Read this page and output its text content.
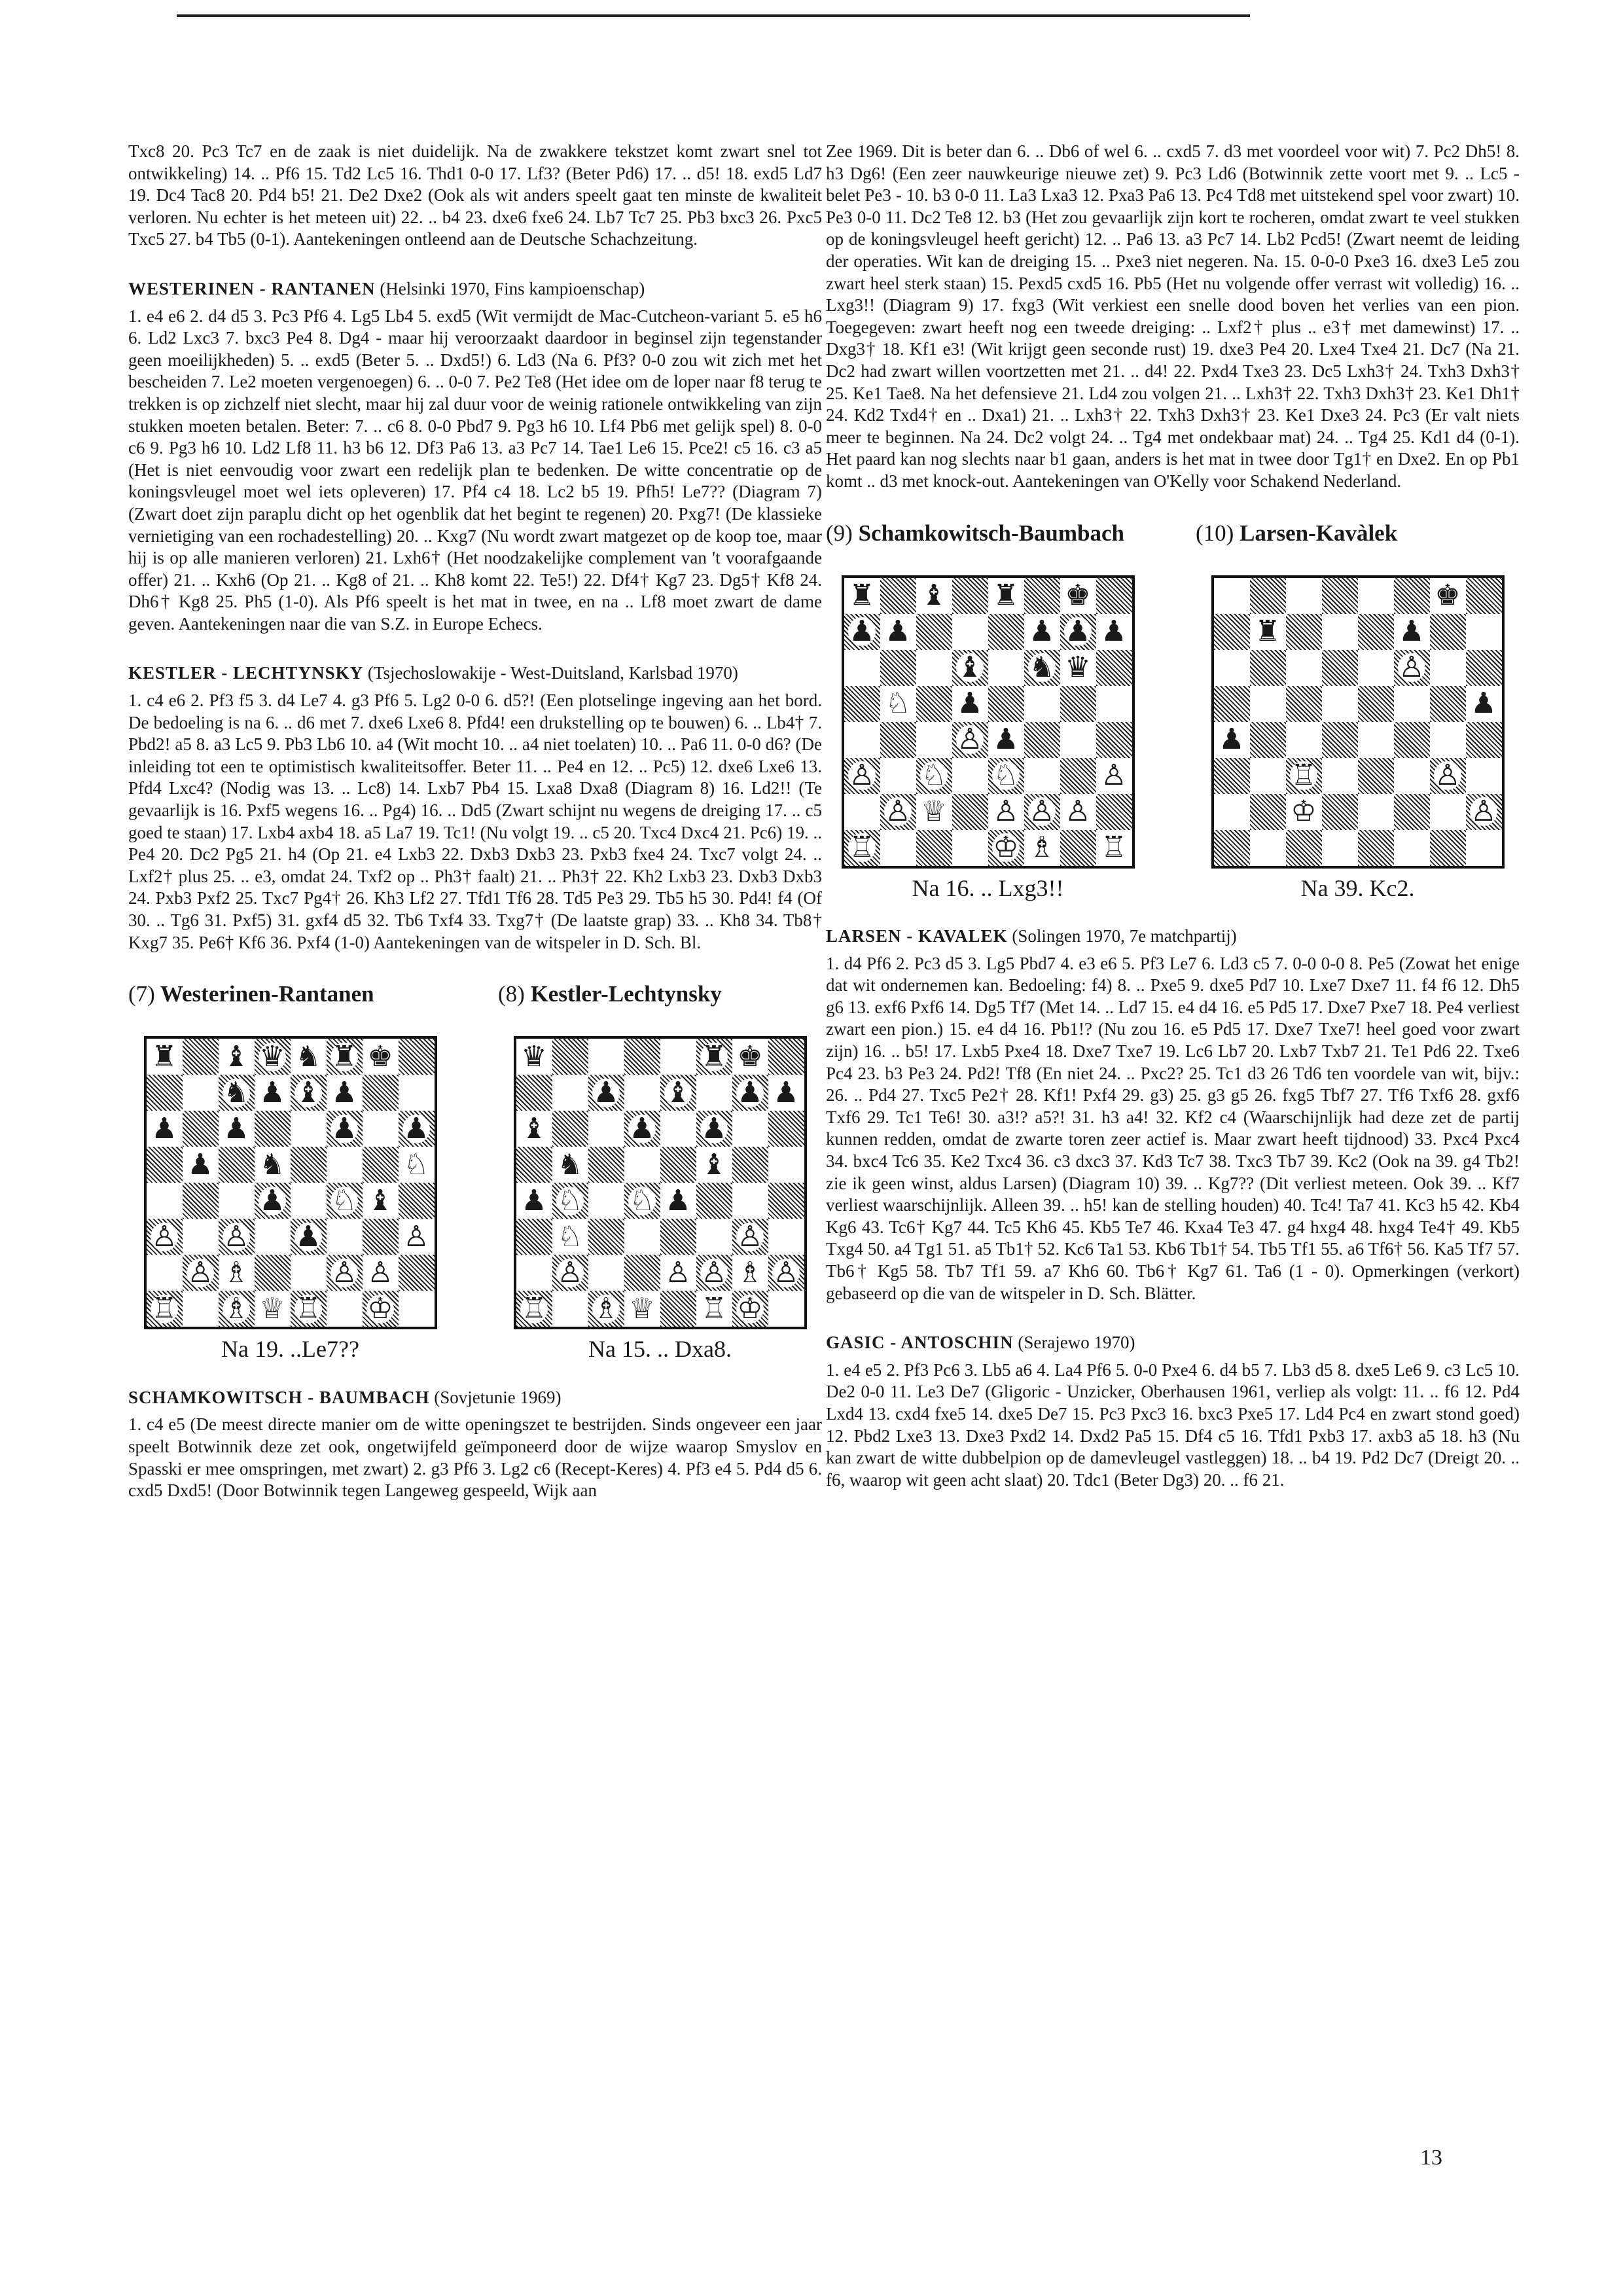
Txc8 20. Pc3 Tc7 en de zaak is niet duidelijk. Na de zwakkere tekstzet komt zwart snel tot ontwikkeling) 14. .. Pf6 15. Td2 Lc5 16. Thd1 0-0 17. Lf3? (Beter Pd6) 17. .. d5! 18. exd5 Ld7 19. Dc4 Tac8 20. Pd4 b5! 21. De2 Dxe2 (Ook als wit anders speelt gaat ten minste de kwaliteit verloren. Nu echter is het meteen uit) 22. .. b4 23. dxe6 fxe6 24. Lb7 Tc7 25. Pb3 bxc3 26. Pxc5 Txc5 27. b4 Tb5 (0-1). Aantekeningen ontleend aan de Deutsche Schachzeitung.

WESTERINEN - RANTANEN (Helsinki 1970, Fins kampioenschap)

1. e4 e6 2. d4 d5 3. Pc3 Pf6 4. Lg5 Lb4 5. exd5 (Wit vermijdt de Mac-Cutcheon-variant 5. e5 h6 6. Ld2 Lxc3 7. bxc3 Pe4 8. Dg4 - maar hij veroorzaakt daardoor in beginsel zijn tegenstander geen moeilijkheden) 5. .. exd5 (Beter 5. .. Dxd5!) 6. Ld3 (Na 6. Pf3? 0-0 zou wit zich met het bescheiden 7. Le2 moeten vergenoegen) 6. .. 0-0 7. Pe2 Te8 (Het idee om de loper naar f8 terug te trekken is op zichzelf niet slecht, maar hij zal duur voor de weinig rationele ontwikkeling van zijn stukken moeten betalen. Beter: 7. .. c6 8. 0-0 Pbd7 9. Pg3 h6 10. Lf4 Pb6 met gelijk spel) 8. 0-0 c6 9. Pg3 h6 10. Ld2 Lf8 11. h3 b6 12. Df3 Pa6 13. a3 Pc7 14. Tae1 Le6 15. Pce2! c5 16. c3 a5 (Het is niet eenvoudig voor zwart een redelijk plan te bedenken. De witte concentratie op de koningsvleugel moet wel iets opleveren) 17. Pf4 c4 18. Lc2 b5 19. Pfh5! Le7?? (Diagram 7) (Zwart doet zijn paraplu dicht op het ogenblik dat het begint te regenen) 20. Pxg7! (De klassieke vernietiging van een rochadestelling) 20. .. Kxg7 (Nu wordt zwart matgezet op de koop toe, maar hij is op alle manieren verloren) 21. Lxh6† (Het noodzakelijke complement van 't voorafgaande offer) 21. .. Kxh6 (Op 21. .. Kg8 of 21. .. Kh8 komt 22. Te5!) 22. Df4† Kg7 23. Dg5† Kf8 24. Dh6† Kg8 25. Ph5 (1-0). Als Pf6 speelt is het mat in twee, en na .. Lf8 moet zwart de dame geven. Aantekeningen naar die van S.Z. in Europe Echecs.

KESTLER - LECHTYNSKY (Tsjechoslowakije - West-Duitsland, Karlsbad 1970)

1. c4 e6 2. Pf3 f5 3. d4 Le7 4. g3 Pf6 5. Lg2 0-0 6. d5?! (Een plotselinge ingeving aan het bord. De bedoeling is na 6. .. d6 met 7. dxe6 Lxe6 8. Pfd4! een drukstelling op te bouwen) 6. .. Lb4† 7. Pbd2! a5 8. a3 Lc5 9. Pb3 Lb6 10. a4 (Wit mocht 10. .. a4 niet toelaten) 10. .. Pa6 11. 0-0 d6? (De inleiding tot een te optimistisch kwaliteitsoffer. Beter 11. .. Pe4 en 12. .. Pc5) 12. dxe6 Lxe6 13. Pfd4 Lxc4? (Nodig was 13. .. Lc8) 14. Lxb7 Pb4 15. Lxa8 Dxa8 (Diagram 8) 16. Ld2!! (Te gevaarlijk is 16. Pxf5 wegens 16. .. Pg4) 16. .. Dd5 (Zwart schijnt nu wegens de dreiging 17. .. c5 goed te staan) 17. Lxb4 axb4 18. a5 La7 19. Tc1! (Nu volgt 19. .. c5 20. Txc4 Dxc4 21. Pc6) 19. .. Pe4 20. Dc2 Pg5 21. h4 (Op 21. e4 Lxb3 22. Dxb3 Dxb3 23. Pxb3 fxe4 24. Txc7 volgt 24. .. Lxf2† plus 25. .. e3, omdat 24. Txf2 op .. Ph3† faalt) 21. .. Ph3† 22. Kh2 Lxb3 23. Dxb3 Dxb3 24. Pxb3 Pxf2 25. Txc7 Pg4† 26. Kh3 Lf2 27. Tfd1 Tf6 28. Td5 Pe3 29. Tb5 h5 30. Pd4! f4 (Of 30. .. Tg6 31. Pxf5) 31. gxf4 d5 32. Tb6 Txf4 33. Txg7† (De laatste grap) 33. .. Kh8 34. Tb8† Kxg7 35. Pe6† Kf6 36. Pxf4 (1-0) Aantekeningen van de witspeler in D. Sch. Bl.

(7) Westerinen-Rantanen
♜ ♝ ♛ ♞ ♜ ♚
♞ ♟ ♝ ♟
♟ ♟	♟ ♟
♟ ♞	♘
♟ ♘ ♝
♙ ♙ ♟	♙
♙ ♗	♙ ♙
♖ ♗ ♕ ♖ ♔
Na 19. ..Le7??
(8) Kestler-Lechtynsky
♛	♜ ♚
♟ ♝ ♟ ♟
♝	♟ ♟
♞	♝
♟ ♘ ♘ ♟
♘	♙
♙	♙ ♙ ♗ ♙
♖ ♗ ♕ ♖ ♔
Na 15. .. Dxa8.
SCHAMKOWITSCH - BAUMBACH (Sovjetunie 1969)

1. c4 e5 (De meest directe manier om de witte openingszet te bestrijden. Sinds ongeveer een jaar speelt Botwinnik deze zet ook, ongetwijfeld geïmponeerd door de wijze waarop Smyslov en Spasski er mee omspringen, met zwart) 2. g3 Pf6 3. Lg2 c6 (Recept-Keres) 4. Pf3 e4 5. Pd4 d5 6. cxd5 Dxd5! (Door Botwinnik tegen Langeweg gespeeld, Wijk aan

Zee 1969. Dit is beter dan 6. .. Db6 of wel 6. .. cxd5 7. d3 met voordeel voor wit) 7. Pc2 Dh5! 8. h3 Dg6! (Een zeer nauwkeurige nieuwe zet) 9. Pc3 Ld6 (Botwinnik zette voort met 9. .. Lc5 - belet Pe3 - 10. b3 0-0 11. La3 Lxa3 12. Pxa3 Pa6 13. Pc4 Td8 met uitstekend spel voor zwart) 10. Pe3 0-0 11. Dc2 Te8 12. b3 (Het zou gevaarlijk zijn kort te rocheren, omdat zwart te veel stukken op de koningsvleugel heeft gericht) 12. .. Pa6 13. a3 Pc7 14. Lb2 Pcd5! (Zwart neemt de leiding der operaties. Wit kan de dreiging 15. .. Pxe3 niet negeren. Na. 15. 0-0-0 Pxe3 16. dxe3 Le5 zou zwart heel sterk staan) 15. Pexd5 cxd5 16. Pb5 (Het nu volgende offer verrast wit volledig) 16. .. Lxg3!! (Diagram 9) 17. fxg3 (Wit verkiest een snelle dood boven het verlies van een pion. Toegegeven: zwart heeft nog een tweede dreiging: .. Lxf2† plus .. e3† met damewinst) 17. .. Dxg3† 18. Kf1 e3! (Wit krijgt geen seconde rust) 19. dxe3 Pe4 20. Lxe4 Txe4 21. Dc7 (Na 21. Dc2 had zwart willen voortzetten met 21. .. d4! 22. Pxd4 Txe3 23. Dc5 Lxh3† 24. Txh3 Dxh3† 25. Ke1 Tae8. Na het defensieve 21. Ld4 zou volgen 21. .. Lxh3† 22. Txh3 Dxh3† 23. Ke1 Dh1† 24. Kd2 Txd4† en .. Dxa1) 21. .. Lxh3† 22. Txh3 Dxh3† 23. Ke1 Dxe3 24. Pc3 (Er valt niets meer te beginnen. Na 24. Dc2 volgt 24. .. Tg4 met ondekbaar mat) 24. .. Tg4 25. Kd1 d4 (0-1). Het paard kan nog slechts naar b1 gaan, anders is het mat in twee door Tg1† en Dxe2. En op Pb1 komt .. d3 met knock-out. Aantekeningen van O'Kelly voor Schakend Nederland.

(9) Schamkowitsch-Baumbach
♜ ♝ ♜ ♚
♟ ♟	♟ ♟ ♟
♝ ♞ ♛
♘ ♟
♙ ♟
♙ ♘ ♘	♙
♙ ♕ ♙ ♙ ♙
♖	♔ ♗ ♖
Na 16. .. Lxg3!!
(10) Larsen-Kavàlek
♚
♜	♟
♙
♟
♟
♖	♙
♔	♙
Na 39. Kc2.
LARSEN - KAVALEK (Solingen 1970, 7e matchpartij)

1. d4 Pf6 2. Pc3 d5 3. Lg5 Pbd7 4. e3 e6 5. Pf3 Le7 6. Ld3 c5 7. 0-0 0-0 8. Pe5 (Zowat het enige dat wit ondernemen kan. Bedoeling: f4) 8. .. Pxe5 9. dxe5 Pd7 10. Lxe7 Dxe7 11. f4 f6 12. Dh5 g6 13. exf6 Pxf6 14. Dg5 Tf7 (Met 14. .. Ld7 15. e4 d4 16. e5 Pd5 17. Dxe7 Pxe7 18. Pe4 verliest zwart een pion.) 15. e4 d4 16. Pb1!? (Nu zou 16. e5 Pd5 17. Dxe7 Txe7! heel goed voor zwart zijn) 16. .. b5! 17. Lxb5 Pxe4 18. Dxe7 Txe7 19. Lc6 Lb7 20. Lxb7 Txb7 21. Te1 Pd6 22. Txe6 Pc4 23. b3 Pe3 24. Pd2! Tf8 (En niet 24. .. Pxc2? 25. Tc1 d3 26 Td6 ten voordele van wit, bijv.: 26. .. Pd4 27. Txc5 Pe2† 28. Kf1! Pxf4 29. g3) 25. g3 g5 26. fxg5 Tbf7 27. Tf6 Txf6 28. gxf6 Txf6 29. Tc1 Te6! 30. a3!? a5?! 31. h3 a4! 32. Kf2 c4 (Waarschijnlijk had deze zet de partij kunnen redden, omdat de zwarte toren zeer actief is. Maar zwart heeft tijdnood) 33. Pxc4 Pxc4 34. bxc4 Tc6 35. Ke2 Txc4 36. c3 dxc3 37. Kd3 Tc7 38. Txc3 Tb7 39. Kc2 (Ook na 39. g4 Tb2! zie ik geen winst, aldus Larsen) (Diagram 10) 39. .. Kg7?? (Dit verliest meteen. Ook 39. .. Kf7 verliest waarschijnlijk. Alleen 39. .. h5! kan de stelling houden) 40. Tc4! Ta7 41. Kc3 h5 42. Kb4 Kg6 43. Tc6† Kg7 44. Tc5 Kh6 45. Kb5 Te7 46. Kxa4 Te3 47. g4 hxg4 48. hxg4 Te4† 49. Kb5 Txg4 50. a4 Tg1 51. a5 Tb1† 52. Kc6 Ta1 53. Kb6 Tb1† 54. Tb5 Tf1 55. a6 Tf6† 56. Ka5 Tf7 57. Tb6† Kg5 58. Tb7 Tf1 59. a7 Kh6 60. Tb6† Kg7 61. Ta6 (1 - 0). Opmerkingen (verkort) gebaseerd op die van de witspeler in D. Sch. Blätter.

GASIC - ANTOSCHIN (Serajewo 1970)

1. e4 e5 2. Pf3 Pc6 3. Lb5 a6 4. La4 Pf6 5. 0-0 Pxe4 6. d4 b5 7. Lb3 d5 8. dxe5 Le6 9. c3 Lc5 10. De2 0-0 11. Le3 De7 (Gligoric - Unzicker, Oberhausen 1961, verliep als volgt: 11. .. f6 12. Pd4 Lxd4 13. cxd4 fxe5 14. dxe5 De7 15. Pc3 Pxc3 16. bxc3 Pxe5 17. Ld4 Pc4 en zwart stond goed) 12. Pbd2 Lxe3 13. Dxe3 Pxd2 14. Dxd2 Pa5 15. Df4 c5 16. Tfd1 Pxb3 17. axb3 a5 18. h3 (Nu kan zwart de witte dubbelpion op de damevleugel vastleggen) 18. .. b4 19. Pd2 Dc7 (Dreigt 20. .. f6, waarop wit geen acht slaat) 20. Tdc1 (Beter Dg3) 20. .. f6 21.

13
